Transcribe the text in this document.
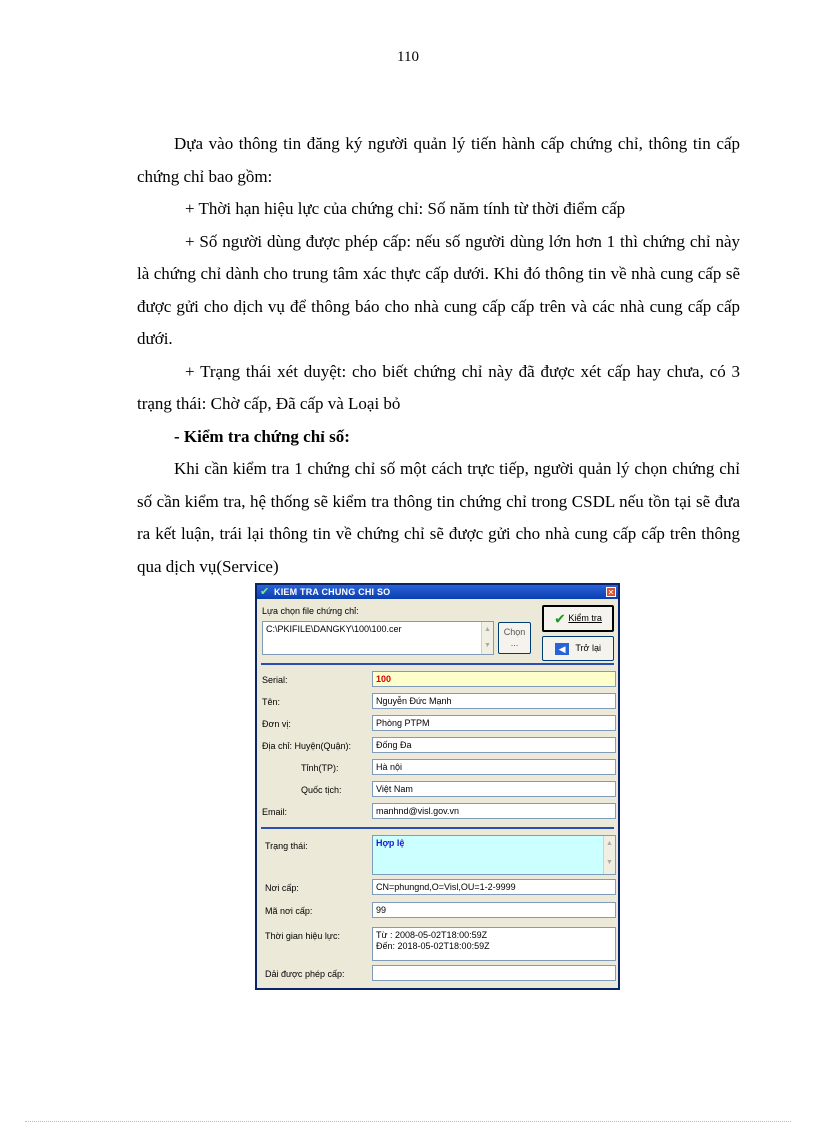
110

Dựa vào thông tin đăng ký người quản lý tiến hành cấp chứng chỉ, thông tin cấp chứng chỉ bao gồm:

+ Thời hạn hiệu lực của chứng chỉ: Số năm tính từ thời điểm cấp

+ Số người dùng được phép cấp: nếu số người dùng lớn hơn 1 thì chứng chỉ này là chứng chỉ dành cho trung tâm xác thực cấp dưới. Khi đó thông tin về nhà cung cấp sẽ được gửi cho dịch vụ để thông báo cho nhà cung cấp cấp trên và các nhà cung cấp cấp dưới.

+ Trạng thái xét duyệt: cho biết chứng chỉ này đã được xét cấp hay chưa, có 3 trạng thái: Chờ cấp, Đã cấp và Loại bỏ

- Kiểm tra chứng chỉ số:

Khi cần kiểm tra 1 chứng chỉ số một cách trực tiếp, người quản lý chọn chứng chỉ số cần kiểm tra, hệ thống sẽ kiểm tra thông tin chứng chỉ trong CSDL nếu tồn tại sẽ đưa ra kết luận, trái lại thông tin về chứng chỉ sẽ được gửi cho nhà cung cấp cấp trên thông qua dịch vụ(Service)

✔ KIEM TRA CHUNG CHI SO	✕
Lựa chọn file chứng chỉ:
C:\PKIFILE\DANGKY\100\100.cer	▲
▼
Chọn
...
✔ Kiểm tra
◀ Trở lại
Serial:	100
Tên:	Nguyễn Đức Mạnh
Đơn vị:	Phòng PTPM
Địa chỉ: Huyện(Quận):	Đống Đa
Tỉnh(TP):	Hà nội
Quốc tịch:	Việt Nam
Email:	manhnd@visl.gov.vn
Trạng thái:	Hợp lệ	▲
▼
Nơi cấp:	CN=phungnd,O=Visl,OU=1-2-9999
Mã nơi cấp:	99
Thời gian hiệu lực:	Từ : 2008-05-02T18:00:59Z
Đến: 2018-05-02T18:00:59Z
Dải được phép cấp:
